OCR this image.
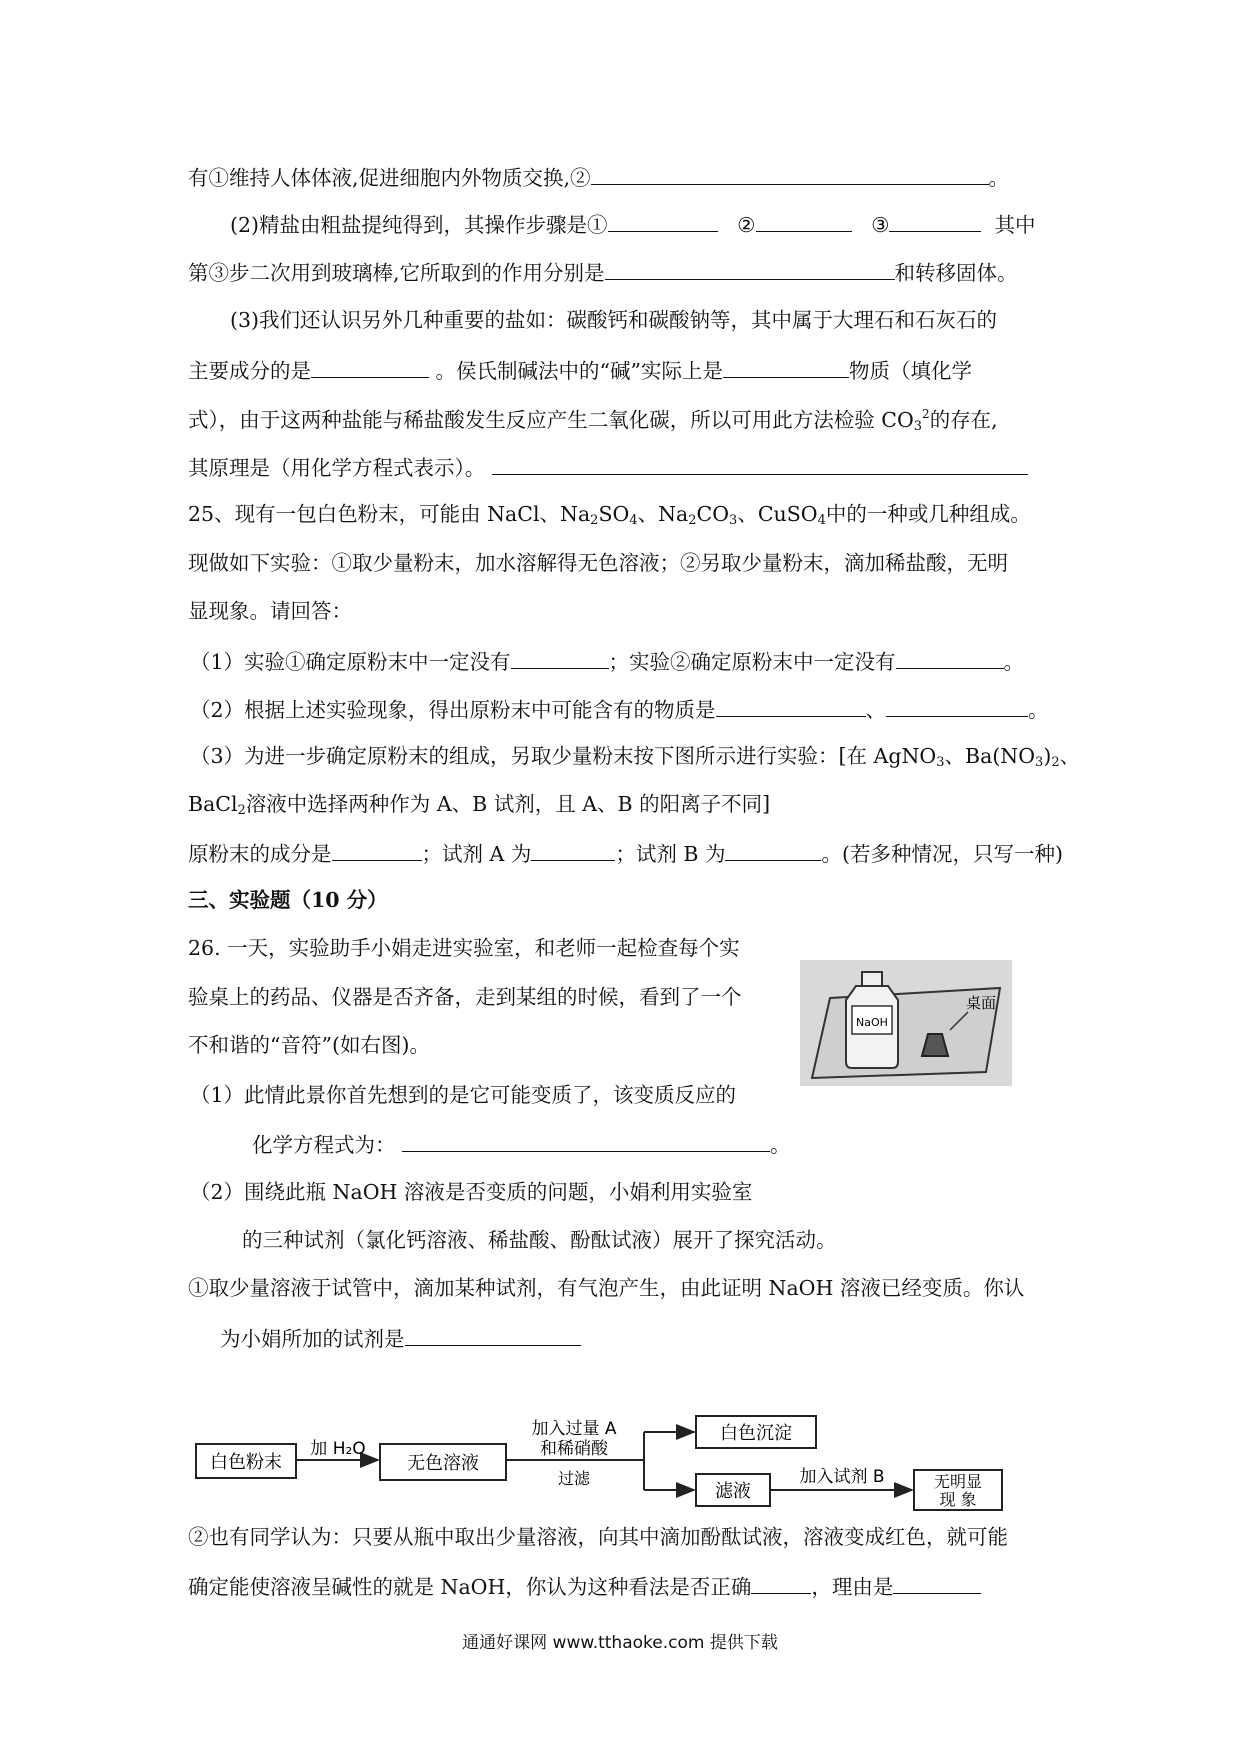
有①维持人体体液,促进细胞内外物质交换,②	。
(2)精盐由粗盐提纯得到，其操作步骤是①	②	③	其中
第③步二次用到玻璃棒,它所取到的作用分别是	和转移固体。
(3)我们还认识另外几种重要的盐如：碳酸钙和碳酸钠等，其中属于大理石和石灰石的
主要成分的是	。侯氏制碱法中的“碱”实际上是	物质（填化学
式），由于这两种盐能与稀盐酸发生反应产生二氧化碳，所以可用此方法检验 $CO_3^2$的存在,
其原理是（用化学方程式表示）。
25、现有一包白色粉末，可能由 NaCl、$Na_2SO_4$、$Na_2CO_3$、CuSO$_4$中的一种或几种组成。
现做如下实验：①取少量粉末，加水溶解得无色溶液；②另取少量粉末，滴加稀盐酸，无明
显现象。请回答：
（1）实验①确定原粉末中一定没有	；实验②确定原粉末中一定没有	。
（2）根据上述实验现象，得出原粉末中可能含有的物质是	、	。
（3）为进一步确定原粉末的组成，另取少量粉末按下图所示进行实验：[在 AgNO$_3$、$Ba(NO_3)_2$、
BaCl$_2$溶液中选择两种作为 A、B 试剂，且 A、B 的阳离子不同]
原粉末的成分是	；试剂 A 为	；试剂 B 为	。(若多种情况，只写一种)
三、实验题（10 分）
26. 一天，实验助手小娟走进实验室，和老师一起检查每个实
验桌上的药品、仪器是否齐备，走到某组的时候，看到了一个
不和谐的“音符”(如右图)。
（1）此情此景你首先想到的是它可能变质了，该变质反应的
化学方程式为：	。
（2）围绕此瓶 NaOH 溶液是否变质的问题，小娟利用实验室
的三种试剂（氯化钙溶液、稀盐酸、酚酞试液）展开了探究活动。
①取少量溶液于试管中，滴加某种试剂，有气泡产生，由此证明 NaOH 溶液已经变质。你认
为小娟所加的试剂是
②也有同学认为：只要从瓶中取出少量溶液，向其中滴加酚酞试液，溶液变成红色，就可能
确定能使溶液呈碱性的就是 NaOH，你认为这种看法是否正确	，理由是
NaOH
桌面
白色粉末
加 H₂O
无色溶液
加入过量 A
和稀硝酸
过滤
白色沉淀
滤液
加入试剂 B	无明显
现 象
通通好课网 www.tthaoke.com 提供下载
